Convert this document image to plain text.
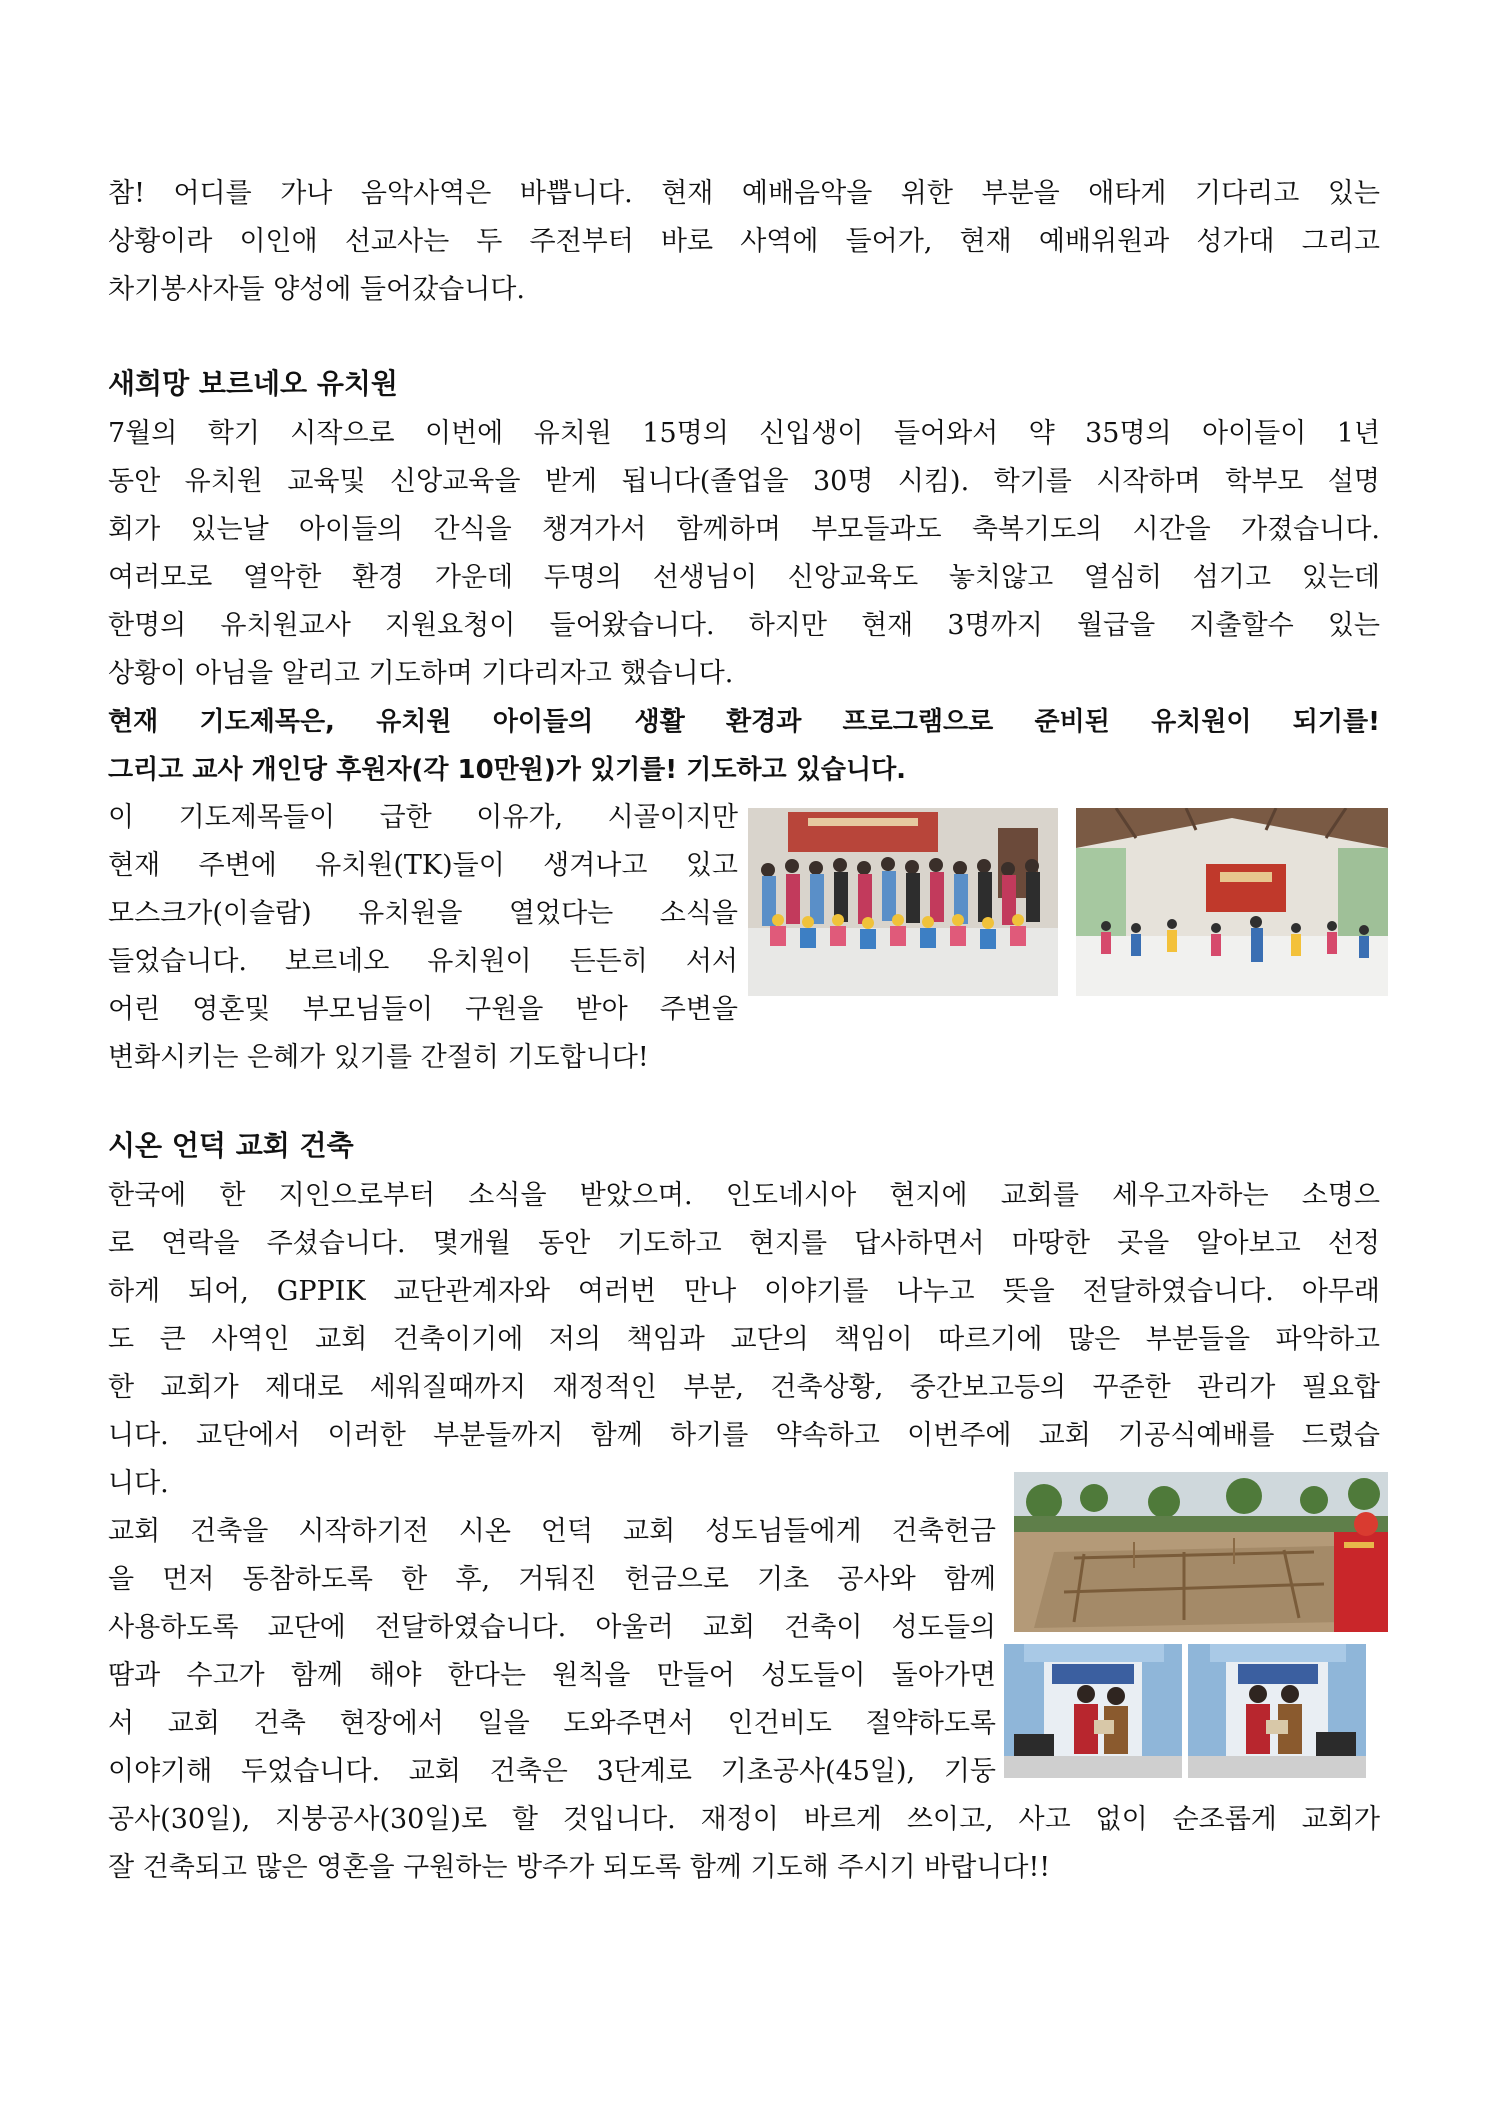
참! 어디를 가나 음악사역은 바쁩니다. 현재 예배음악을 위한 부분을 애타게 기다리고 있는

상황이라 이인애 선교사는 두 주전부터 바로 사역에 들어가, 현재 예배위원과 성가대 그리고

차기봉사자들 양성에 들어갔습니다.

새희망 보르네오 유치원

7월의 학기 시작으로 이번에 유치원 15명의 신입생이 들어와서 약 35명의 아이들이 1년

동안 유치원 교육및 신앙교육을 받게 됩니다(졸업을 30명 시킴). 학기를 시작하며 학부모 설명

회가 있는날 아이들의 간식을 챙겨가서 함께하며 부모들과도 축복기도의 시간을 가졌습니다.

여러모로 열악한 환경 가운데 두명의 선생님이 신앙교육도 놓치않고 열심히 섬기고 있는데

한명의 유치원교사 지원요청이 들어왔습니다. 하지만 현재 3명까지 월급을 지출할수 있는

상황이 아님을 알리고 기도하며 기다리자고 했습니다.

현재 기도제목은, 유치원 아이들의 생활 환경과 프로그램으로 준비된 유치원이 되기를!

그리고 교사 개인당 후원자(각 10만원)가 있기를! 기도하고 있습니다.

이 기도제목들이 급한 이유가, 시골이지만

현재 주변에 유치원(TK)들이 생겨나고 있고

모스크가(이슬람) 유치원을 열었다는 소식을

들었습니다. 보르네오 유치원이 든든히 서서

어린 영혼및 부모님들이 구원을 받아 주변을

변화시키는 은혜가 있기를 간절히 기도합니다!

시온 언덕 교회 건축

한국에 한 지인으로부터 소식을 받았으며. 인도네시아 현지에 교회를 세우고자하는 소명으

로 연락을 주셨습니다. 몇개월 동안 기도하고 현지를 답사하면서 마땅한 곳을 알아보고 선정

하게 되어, GPPIK 교단관계자와 여러번 만나 이야기를 나누고 뜻을 전달하였습니다. 아무래

도 큰 사역인 교회 건축이기에 저의 책임과 교단의 책임이 따르기에 많은 부분들을 파악하고

한 교회가 제대로 세워질때까지 재정적인 부분, 건축상황, 중간보고등의 꾸준한 관리가 필요합

니다. 교단에서 이러한 부분들까지 함께 하기를 약속하고 이번주에 교회 기공식예배를 드렸습

니다.

교회 건축을 시작하기전 시온 언덕 교회 성도님들에게 건축헌금

을 먼저 동참하도록 한 후, 거둬진 헌금으로 기초 공사와 함께

사용하도록 교단에 전달하였습니다. 아울러 교회 건축이 성도들의

땀과 수고가 함께 해야 한다는 원칙을 만들어 성도들이 돌아가면

서 교회 건축 현장에서 일을 도와주면서 인건비도 절약하도록

이야기해 두었습니다. 교회 건축은 3단계로 기초공사(45일), 기둥

공사(30일), 지붕공사(30일)로 할 것입니다. 재정이 바르게 쓰이고, 사고 없이 순조롭게 교회가

잘 건축되고 많은 영혼을 구원하는 방주가 되도록 함께 기도해 주시기 바랍니다!!
